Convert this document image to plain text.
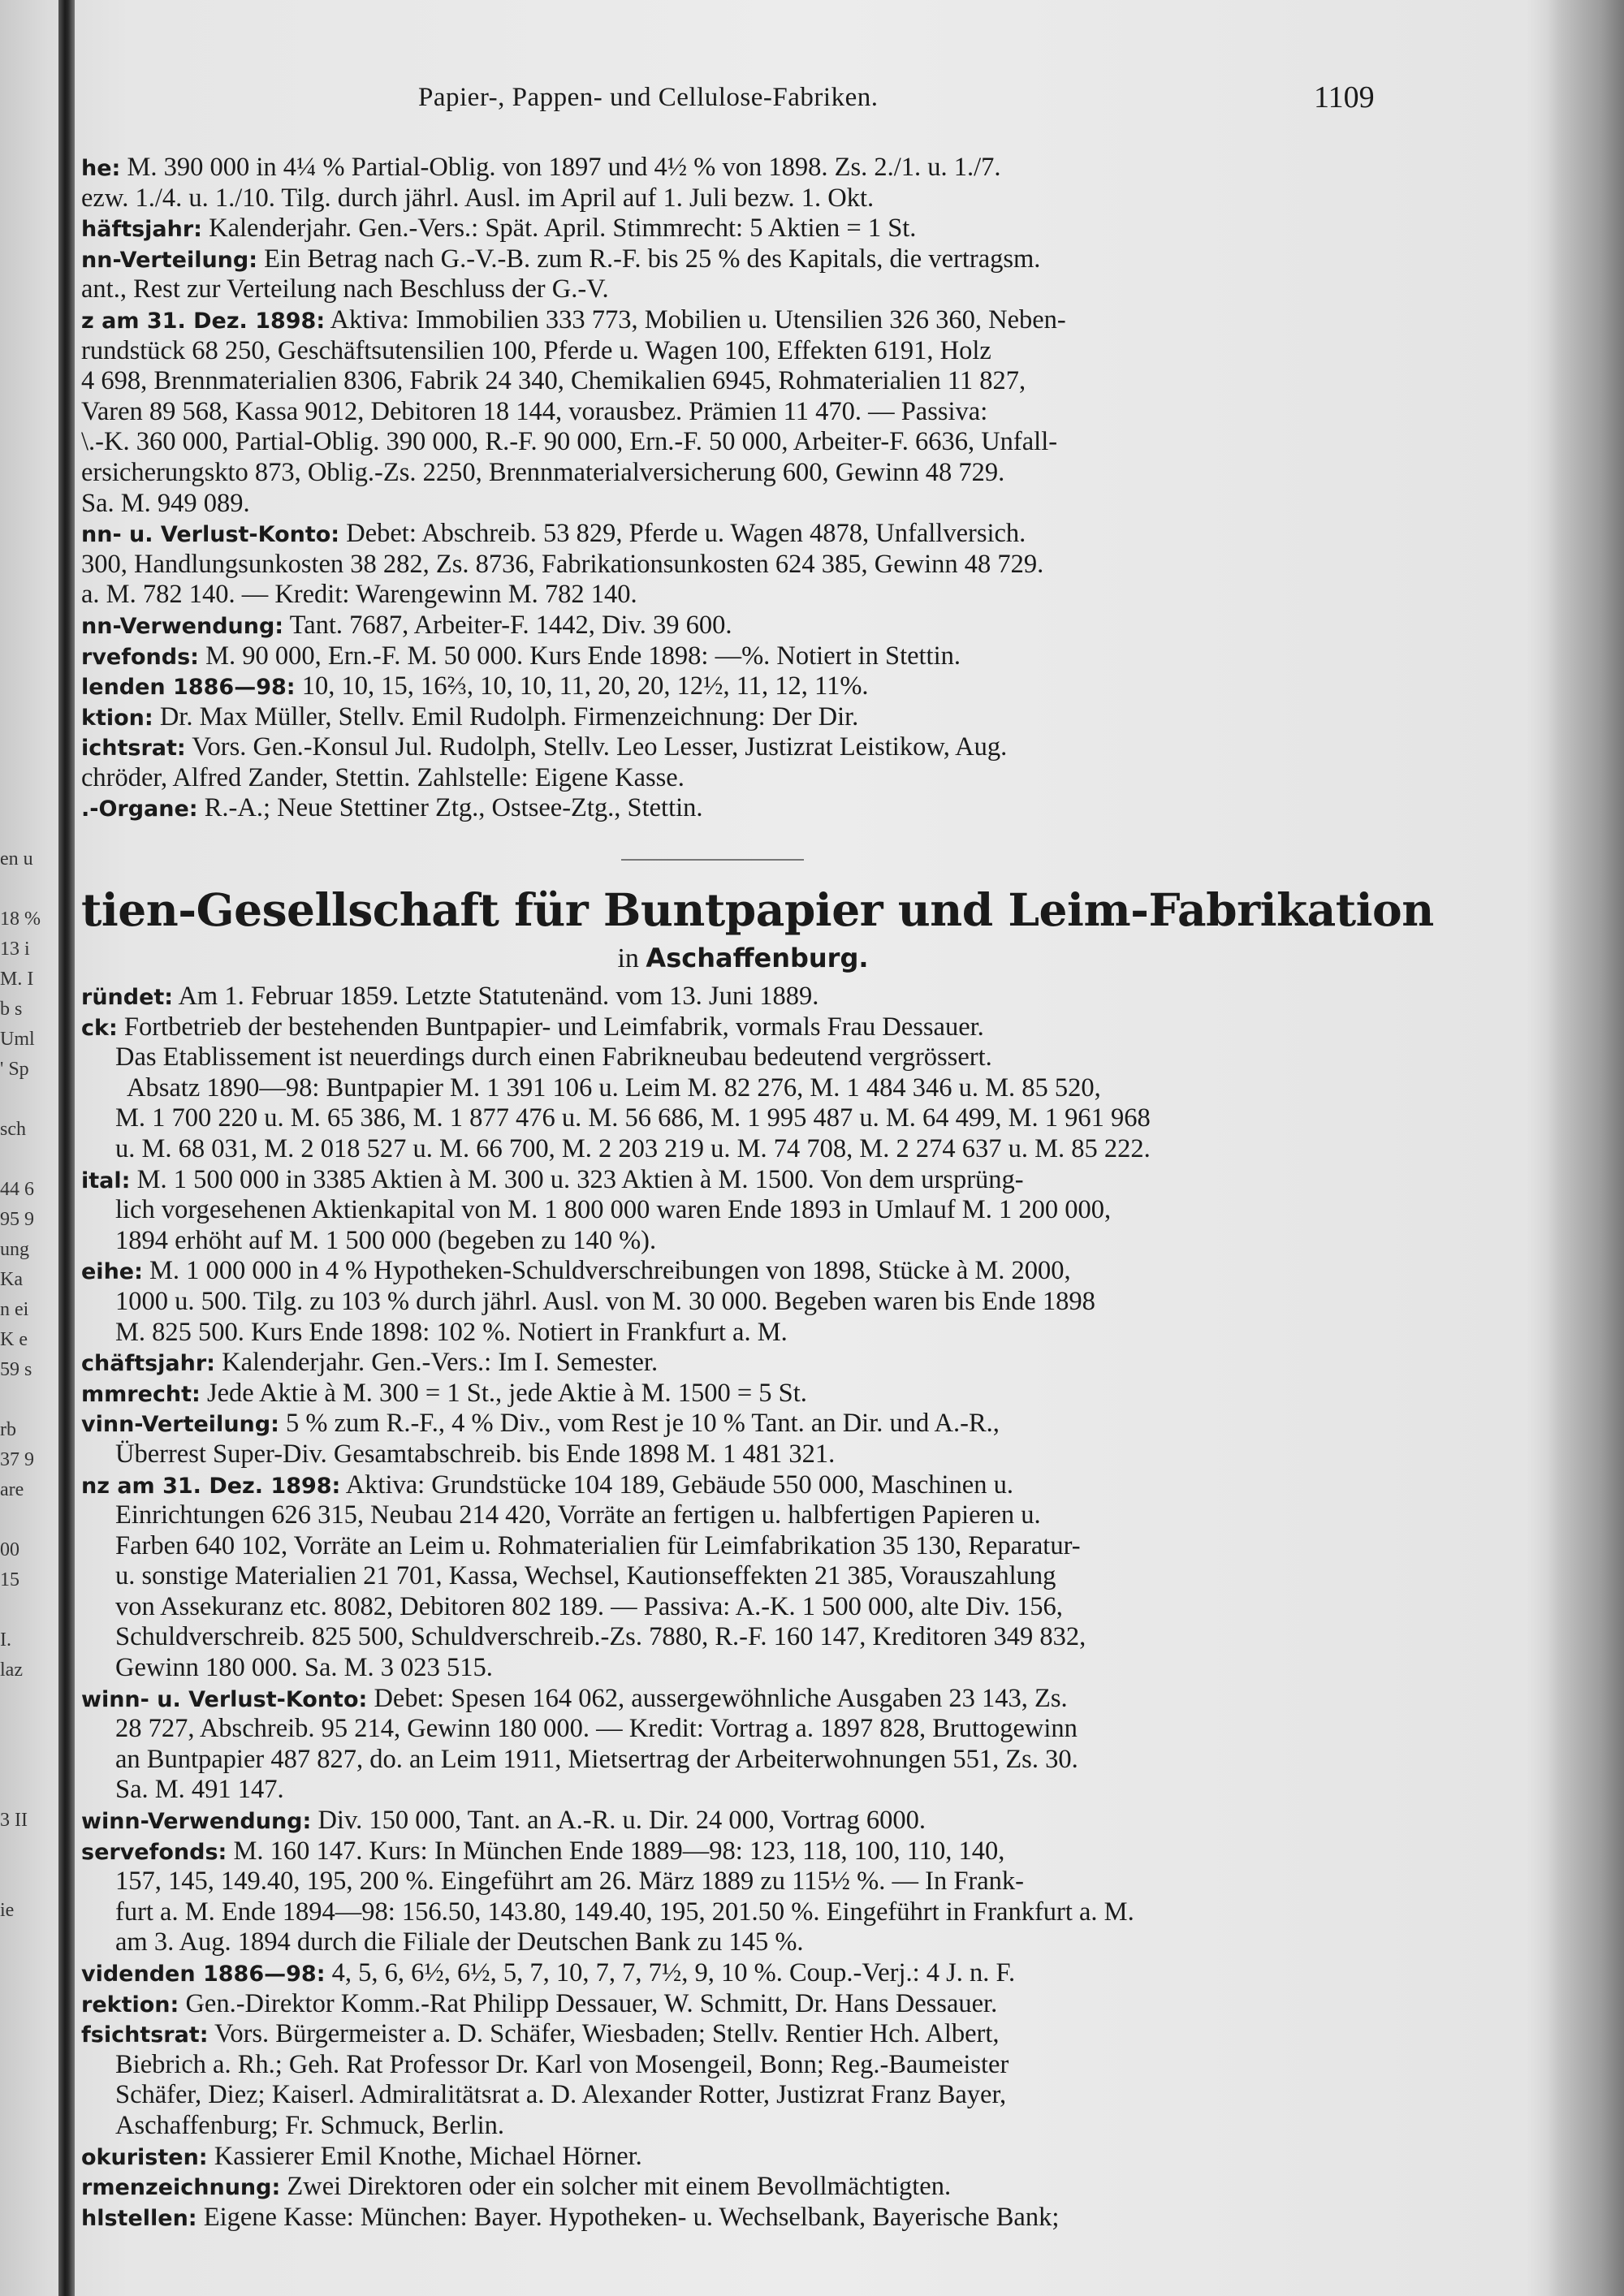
en u
18 %
13 i
M. I
b s
Uml
' Sp
sch
44 6
95 9
ung
Ka
n ei
K e
59 s
rb
37 9
are
00
15
I.
laz
3 II
ie
Papier-, Pappen- und Cellulose-Fabriken.	1109
he: M. 390 000 in 4¼ % Partial-Oblig. von 1897 und 4½ % von 1898. Zs. 2./1. u. 1./7.
ezw. 1./4. u. 1./10. Tilg. durch jährl. Ausl. im April auf 1. Juli bezw. 1. Okt.
häftsjahr: Kalenderjahr. Gen.-Vers.: Spät. April. Stimmrecht: 5 Aktien = 1 St.
nn-Verteilung: Ein Betrag nach G.-V.-B. zum R.-F. bis 25 % des Kapitals, die vertragsm.
ant., Rest zur Verteilung nach Beschluss der G.-V.
z am 31. Dez. 1898: Aktiva: Immobilien 333 773, Mobilien u. Utensilien 326 360, Neben-
rundstück 68 250, Geschäftsutensilien 100, Pferde u. Wagen 100, Effekten 6191, Holz
4 698, Brennmaterialien 8306, Fabrik 24 340, Chemikalien 6945, Rohmaterialien 11 827,
Varen 89 568, Kassa 9012, Debitoren 18 144, vorausbez. Prämien 11 470. — Passiva:
\.-K. 360 000, Partial-Oblig. 390 000, R.-F. 90 000, Ern.-F. 50 000, Arbeiter-F. 6636, Unfall-
ersicherungskto 873, Oblig.-Zs. 2250, Brennmaterialversicherung 600, Gewinn 48 729.
Sa. M. 949 089.
nn- u. Verlust-Konto: Debet: Abschreib. 53 829, Pferde u. Wagen 4878, Unfallversich.
300, Handlungsunkosten 38 282, Zs. 8736, Fabrikationsunkosten 624 385, Gewinn 48 729.
a. M. 782 140. — Kredit: Warengewinn M. 782 140.
nn-Verwendung: Tant. 7687, Arbeiter-F. 1442, Div. 39 600.
rvefonds: M. 90 000, Ern.-F. M. 50 000. Kurs Ende 1898: —%. Notiert in Stettin.
lenden 1886—98: 10, 10, 15, 16⅔, 10, 10, 11, 20, 20, 12½, 11, 12, 11%.
ktion: Dr. Max Müller, Stellv. Emil Rudolph. Firmenzeichnung: Der Dir.
ichtsrat: Vors. Gen.-Konsul Jul. Rudolph, Stellv. Leo Lesser, Justizrat Leistikow, Aug.
chröder, Alfred Zander, Stettin. Zahlstelle: Eigene Kasse.
.-Organe: R.-A.; Neue Stettiner Ztg., Ostsee-Ztg., Stettin.
tien-Gesellschaft für Buntpapier und Leim-Fabrikation
in Aschaffenburg.
ründet: Am 1. Februar 1859. Letzte Statutenänd. vom 13. Juni 1889.
ck: Fortbetrieb der bestehenden Buntpapier- und Leimfabrik, vormals Frau Dessauer.
Das Etablissement ist neuerdings durch einen Fabrikneubau bedeutend vergrössert.
Absatz 1890—98: Buntpapier M. 1 391 106 u. Leim M. 82 276, M. 1 484 346 u. M. 85 520,
M. 1 700 220 u. M. 65 386, M. 1 877 476 u. M. 56 686, M. 1 995 487 u. M. 64 499, M. 1 961 968
u. M. 68 031, M. 2 018 527 u. M. 66 700, M. 2 203 219 u. M. 74 708, M. 2 274 637 u. M. 85 222.
ital: M. 1 500 000 in 3385 Aktien à M. 300 u. 323 Aktien à M. 1500. Von dem ursprüng-
lich vorgesehenen Aktienkapital von M. 1 800 000 waren Ende 1893 in Umlauf M. 1 200 000,
1894 erhöht auf M. 1 500 000 (begeben zu 140 %).
eihe: M. 1 000 000 in 4 % Hypotheken-Schuldverschreibungen von 1898, Stücke à M. 2000,
1000 u. 500. Tilg. zu 103 % durch jährl. Ausl. von M. 30 000. Begeben waren bis Ende 1898
M. 825 500. Kurs Ende 1898: 102 %. Notiert in Frankfurt a. M.
chäftsjahr: Kalenderjahr. Gen.-Vers.: Im I. Semester.
mmrecht: Jede Aktie à M. 300 = 1 St., jede Aktie à M. 1500 = 5 St.
vinn-Verteilung: 5 % zum R.-F., 4 % Div., vom Rest je 10 % Tant. an Dir. und A.-R.,
Überrest Super-Div. Gesamtabschreib. bis Ende 1898 M. 1 481 321.
nz am 31. Dez. 1898: Aktiva: Grundstücke 104 189, Gebäude 550 000, Maschinen u.
Einrichtungen 626 315, Neubau 214 420, Vorräte an fertigen u. halbfertigen Papieren u.
Farben 640 102, Vorräte an Leim u. Rohmaterialien für Leimfabrikation 35 130, Reparatur-
u. sonstige Materialien 21 701, Kassa, Wechsel, Kautionseffekten 21 385, Vorauszahlung
von Assekuranz etc. 8082, Debitoren 802 189. — Passiva: A.-K. 1 500 000, alte Div. 156,
Schuldverschreib. 825 500, Schuldverschreib.-Zs. 7880, R.-F. 160 147, Kreditoren 349 832,
Gewinn 180 000. Sa. M. 3 023 515.
winn- u. Verlust-Konto: Debet: Spesen 164 062, aussergewöhnliche Ausgaben 23 143, Zs.
28 727, Abschreib. 95 214, Gewinn 180 000. — Kredit: Vortrag a. 1897 828, Bruttogewinn
an Buntpapier 487 827, do. an Leim 1911, Mietsertrag der Arbeiterwohnungen 551, Zs. 30.
Sa. M. 491 147.
winn-Verwendung: Div. 150 000, Tant. an A.-R. u. Dir. 24 000, Vortrag 6000.
servefonds: M. 160 147. Kurs: In München Ende 1889—98: 123, 118, 100, 110, 140,
157, 145, 149.40, 195, 200 %. Eingeführt am 26. März 1889 zu 115½ %. — In Frank-
furt a. M. Ende 1894—98: 156.50, 143.80, 149.40, 195, 201.50 %. Eingeführt in Frankfurt a. M.
am 3. Aug. 1894 durch die Filiale der Deutschen Bank zu 145 %.
videnden 1886—98: 4, 5, 6, 6½, 6½, 5, 7, 10, 7, 7, 7½, 9, 10 %. Coup.-Verj.: 4 J. n. F.
rektion: Gen.-Direktor Komm.-Rat Philipp Dessauer, W. Schmitt, Dr. Hans Dessauer.
fsichtsrat: Vors. Bürgermeister a. D. Schäfer, Wiesbaden; Stellv. Rentier Hch. Albert,
Biebrich a. Rh.; Geh. Rat Professor Dr. Karl von Mosengeil, Bonn; Reg.-Baumeister
Schäfer, Diez; Kaiserl. Admiralitätsrat a. D. Alexander Rotter, Justizrat Franz Bayer,
Aschaffenburg; Fr. Schmuck, Berlin.
okuristen: Kassierer Emil Knothe, Michael Hörner.
rmenzeichnung: Zwei Direktoren oder ein solcher mit einem Bevollmächtigten.
hlstellen: Eigene Kasse: München: Bayer. Hypotheken- u. Wechselbank, Bayerische Bank;
